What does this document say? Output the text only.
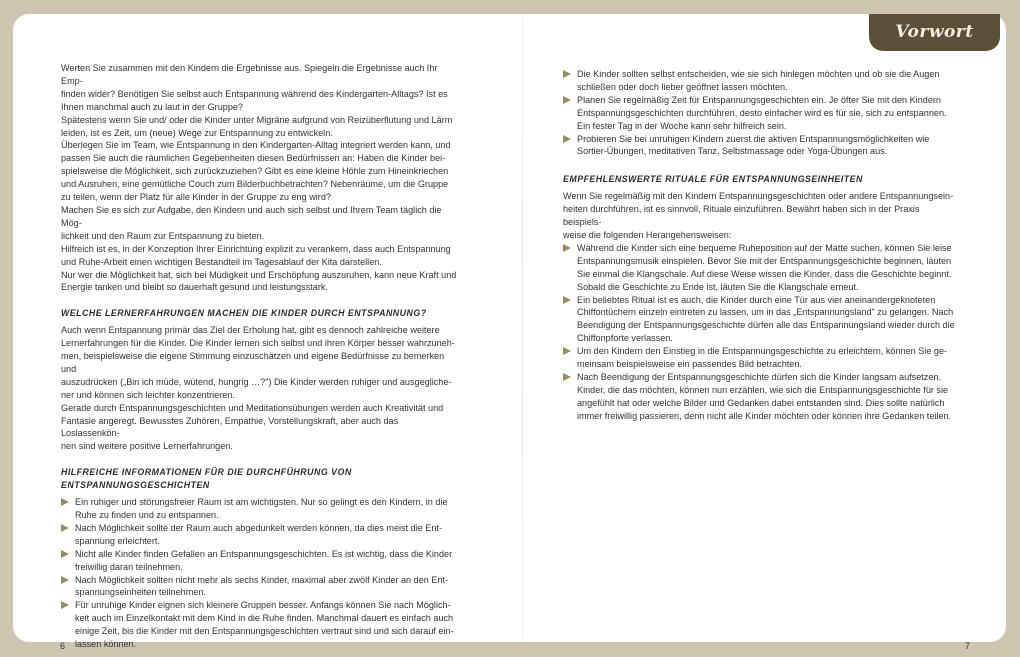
Vorwort

Werten Sie zusammen mit den Kindern die Ergebnisse aus. Spiegeln die Ergebnisse auch Ihr Emp-

finden wider? Benötigen Sie selbst auch Entspannung während des Kindergarten-Alltags? Ist es

Ihnen manchmal auch zu laut in der Gruppe?

Spätestens wenn Sie und/ oder die Kinder unter Migräne aufgrund von Reizüberflutung und Lärm

leiden, ist es Zeit, um (neue) Wege zur Entspannung zu entwickeln.

Überlegen Sie im Team, wie Entspannung in den Kindergarten-Alltag integriert werden kann, und

passen Sie auch die räumlichen Gegebenheiten diesen Bedürfnissen an: Haben die Kinder bei-

spielsweise die Möglichkeit, sich zurückzuziehen? Gibt es eine kleine Höhle zum Hineinkriechen

und Ausruhen, eine gemütliche Couch zum Bilderbuchbetrachten? Nebenräume, um die Gruppe

zu teilen, wenn der Platz für alle Kinder in der Gruppe zu eng wird?

Machen Sie es sich zur Aufgabe, den Kindern und auch sich selbst und Ihrem Team täglich die Mög-

lichkeit und den Raum zur Entspannung zu bieten.

Hilfreich ist es, in der Konzeption Ihrer Einrichtung explizit zu verankern, dass auch Entspannung

und Ruhe-Arbeit einen wichtigen Bestandteil im Tagesablauf der Kita darstellen.

Nur wer die Möglichkeit hat, sich bei Müdigkeit und Erschöpfung auszuruhen, kann neue Kraft und

Energie tanken und bleibt so dauerhaft gesund und leistungsstark.

WELCHE LERNERFAHRUNGEN MACHEN DIE KINDER DURCH ENTSPANNUNG?

Auch wenn Entspannung primär das Ziel der Erholung hat, gibt es dennoch zahlreiche weitere

Lernerfahrungen für die Kinder. Die Kinder lernen sich selbst und ihren Körper besser wahrzuneh-

men, beispielsweise die eigene Stimmung einzuschätzen und eigene Bedürfnisse zu bemerken und

auszudrücken („Bin ich müde, wütend, hungrig …?") Die Kinder werden ruhiger und ausgegliche-

ner und können sich leichter konzentrieren.

Gerade durch Entspannungsgeschichten und Meditationsübungen werden auch Kreativität und

Fantasie angeregt. Bewusstes Zuhören, Empathie, Vorstellungskraft, aber auch das Loslassenkön-

nen sind weitere positive Lernerfahrungen.

HILFREICHE INFORMATIONEN FÜR DIE DURCHFÜHRUNG VON ENTSPANNUNGSGESCHICHTEN
Ein ruhiger und störungsfreier Raum ist am wichtigsten. Nur so gelingt es den Kindern, in die
Ruhe zu finden und zu entspannen.
Nach Möglichkeit sollte der Raum auch abgedunkelt werden können, da dies meist die Ent-
spannung erleichtert.
Nicht alle Kinder finden Gefallen an Entspannungsgeschichten. Es ist wichtig, dass die Kinder
freiwillig daran teilnehmen.
Nach Möglichkeit sollten nicht mehr als sechs Kinder, maximal aber zwölf Kinder an den Ent-
spannungseinheiten teilnehmen.
Für unruhige Kinder eignen sich kleinere Gruppen besser. Anfangs können Sie nach Möglich-
keit auch im Einzelkontakt mit dem Kind in die Ruhe finden. Manchmal dauert es einfach auch
einige Zeit, bis die Kinder mit den Entspannungsgeschichten vertraut sind und sich darauf ein-
lassen können.
Die Kinder sollten selbst entscheiden, wie sie sich hinlegen möchten und ob sie die Augen
schließen oder doch lieber geöffnet lassen möchten.
Planen Sie regelmäßig Zeit für Entspannungsgeschichten ein. Je öfter Sie mit den Kindern
Entspannungsgeschichten durchführen, desto einfacher wird es für sie, sich zu entspannen.
Ein fester Tag in der Woche kann sehr hilfreich sein.
Probieren Sie bei unruhigen Kindern zuerst die aktiven Entspannungsmöglichkeiten wie
Sortier-Übungen, meditativen Tanz, Selbstmassage oder Yoga-Übungen aus.
EMPFEHLENSWERTE RITUALE FÜR ENTSPANNUNGSEINHEITEN

Wenn Sie regelmäßig mit den Kindern Entspannungsgeschichten oder andere Entspannungsein-

heiten durchführen, ist es sinnvoll, Rituale einzuführen. Bewährt haben sich in der Praxis beispiels-

weise die folgenden Herangehensweisen:

Während die Kinder sich eine bequeme Ruheposition auf der Matte suchen, können Sie leise
Entspannungsmusik einspielen. Bevor Sie mit der Entspannungsgeschichte beginnen, läuten
Sie einmal die Klangschale. Auf diese Weise wissen die Kinder, dass die Geschichte beginnt.
Sobald die Geschichte zu Ende ist, läuten Sie die Klangschale erneut.
Ein beliebtes Ritual ist es auch, die Kinder durch eine Tür aus vier aneinandergeknoteten
Chiffontüchern einzeln eintreten zu lassen, um in das „Entspannungsland" zu gelangen. Nach
Beendigung der Entspannungsgeschichte dürfen alle das Entspannungsland wieder durch die
Chiffonpforte verlassen.
Um den Kindern den Einstieg in die Entspannungsgeschichte zu erleichtern, können Sie ge-
meinsam beispielsweise ein passendes Bild betrachten.
Nach Beendigung der Entspannungsgeschichte dürfen sich die Kinder langsam aufsetzen.
Kinder, die das möchten, können nun erzählen, wie sich die Entspannungsgeschichte für sie
angefühlt hat oder welche Bilder und Gedanken dabei entstanden sind. Dies sollte natürlich
immer freiwillig passieren, denn nicht alle Kinder möchten oder können ihre Gedanken teilen.
6	7
